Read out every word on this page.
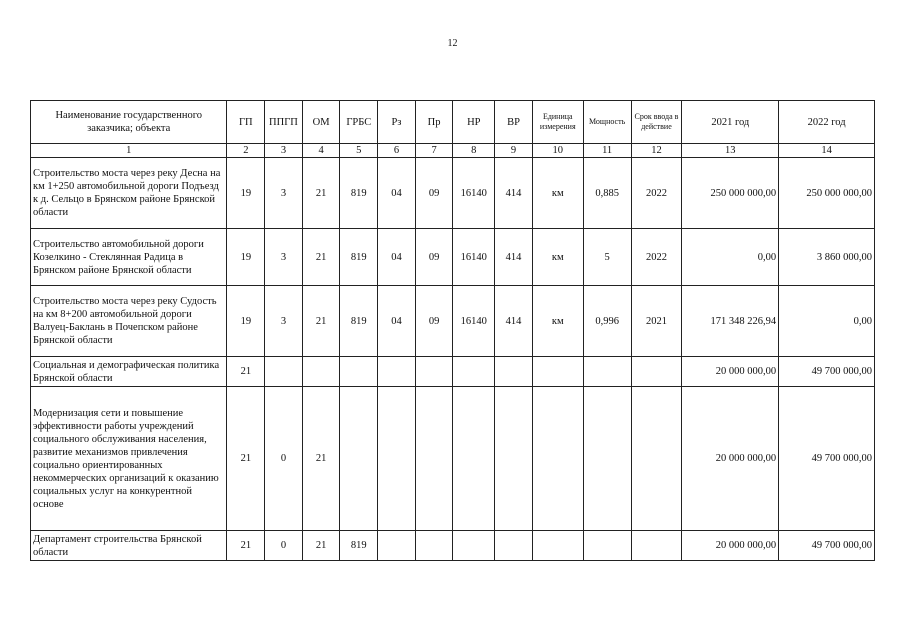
12
Наименование государственного заказчика; объекта	ГП	ППГП	ОМ	ГРБС	Рз	Пр	НР	ВР	Единица измерения	Мощность	Срок ввода в действие	2021 год	2022 год
1	2	3	4	5	6	7	8	9	10	11	12	13	14
Строительство моста через реку Десна на км 1+250 автомобильной дороги Подъезд к д. Сельцо в Брянском районе Брянской области	19	3	21	819	04	09	16140	414	км	0,885	2022	250 000 000,00	250 000 000,00
Строительство автомобильной дороги Козелкино - Стеклянная Радица в Брянском районе Брянской области	19	3	21	819	04	09	16140	414	км	5	2022	0,00	3 860 000,00
Строительство моста через реку Судость на км 8+200 автомобильной дороги Валуец-Баклань в Почепском районе Брянской области	19	3	21	819	04	09	16140	414	км	0,996	2021	171 348 226,94	0,00
Социальная и демографическая политика Брянской области	21											20 000 000,00	49 700 000,00
Модернизация сети и повышение эффективности работы учреждений социального обслуживания населения, развитие механизмов привлечения социально ориентированных некоммерческих организаций к оказанию социальных услуг на конкурентной основе	21	0	21									20 000 000,00	49 700 000,00
Департамент строительства Брянской области	21	0	21	819								20 000 000,00	49 700 000,00
